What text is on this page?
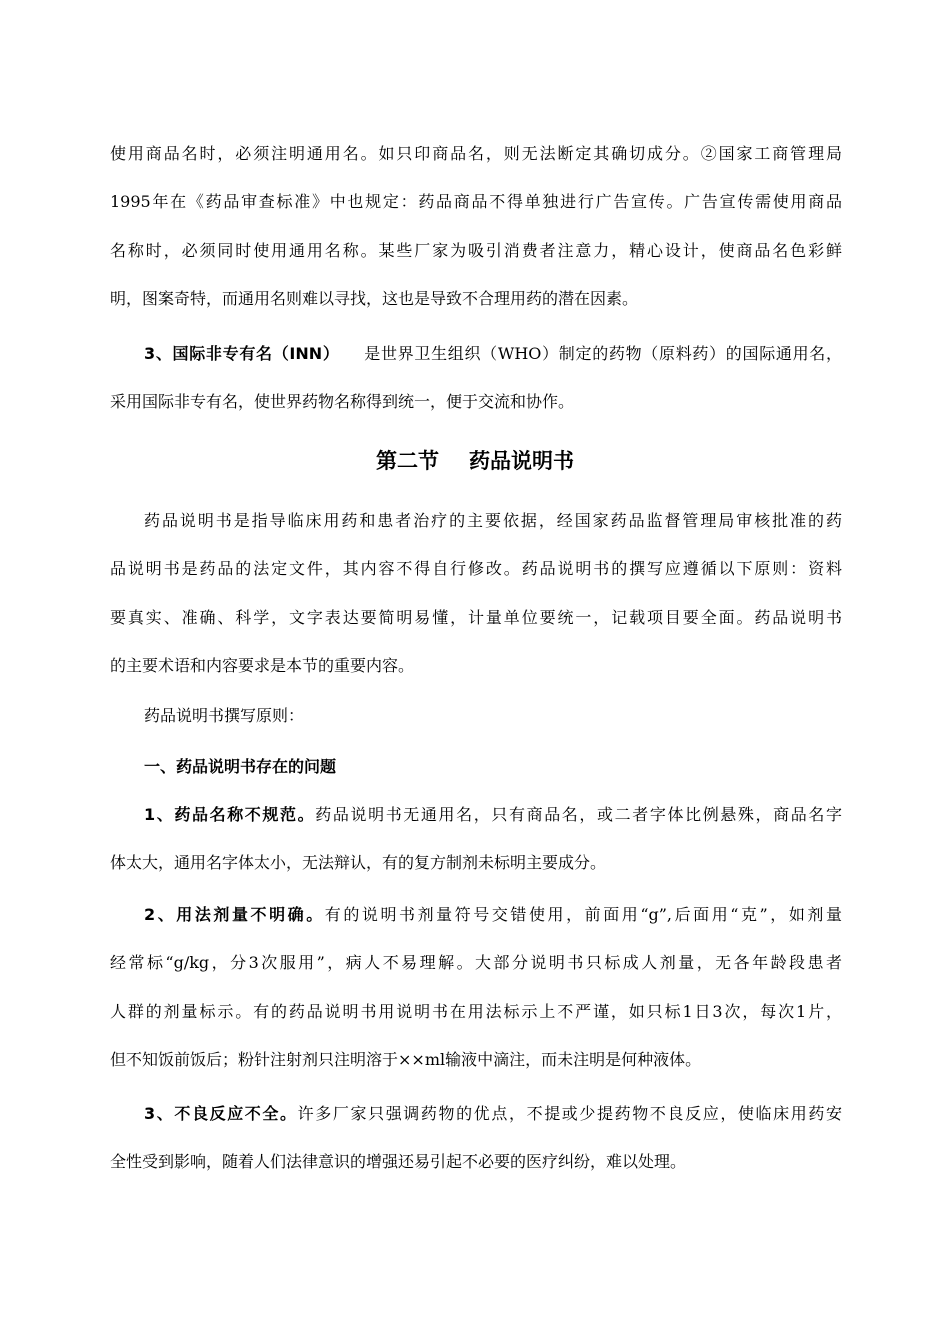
使用商品名时，必须注明通用名。如只印商品名，则无法断定其确切成分。②国家工商管理局
1995年在《药品审查标准》中也规定：药品商品不得单独进行广告宣传。广告宣传需使用商品
名称时，必须同时使用通用名称。某些厂家为吸引消费者注意力，精心设计，使商品名色彩鲜
明，图案奇特，而通用名则难以寻找，这也是导致不合理用药的潜在因素。
3、国际非专有名（INN） 是世界卫生组织（WHO）制定的药物（原料药）的国际通用名，
采用国际非专有名，使世界药物名称得到统一，便于交流和协作。
第二节 药品说明书
药品说明书是指导临床用药和患者治疗的主要依据，经国家药品监督管理局审核批准的药
品说明书是药品的法定文件，其内容不得自行修改。药品说明书的撰写应遵循以下原则：资料
要真实、准确、科学，文字表达要简明易懂，计量单位要统一，记载项目要全面。药品说明书
的主要术语和内容要求是本节的重要内容。
药品说明书撰写原则：
一、药品说明书存在的问题
1、药品名称不规范。药品说明书无通用名，只有商品名，或二者字体比例悬殊，商品名字
体太大，通用名字体太小，无法辩认，有的复方制剂未标明主要成分。
2、用法剂量不明确。有的说明书剂量符号交错使用，前面用“g”,后面用“克”，如剂量
经常标“g/kg，分3次服用”，病人不易理解。大部分说明书只标成人剂量，无各年龄段患者
人群的剂量标示。有的药品说明书用说明书在用法标示上不严谨，如只标1日3次，每次1片，
但不知饭前饭后；粉针注射剂只注明溶于××ml输液中滴注，而未注明是何种液体。
3、不良反应不全。许多厂家只强调药物的优点，不提或少提药物不良反应，使临床用药安
全性受到影响，随着人们法律意识的增强还易引起不必要的医疗纠纷，难以处理。
